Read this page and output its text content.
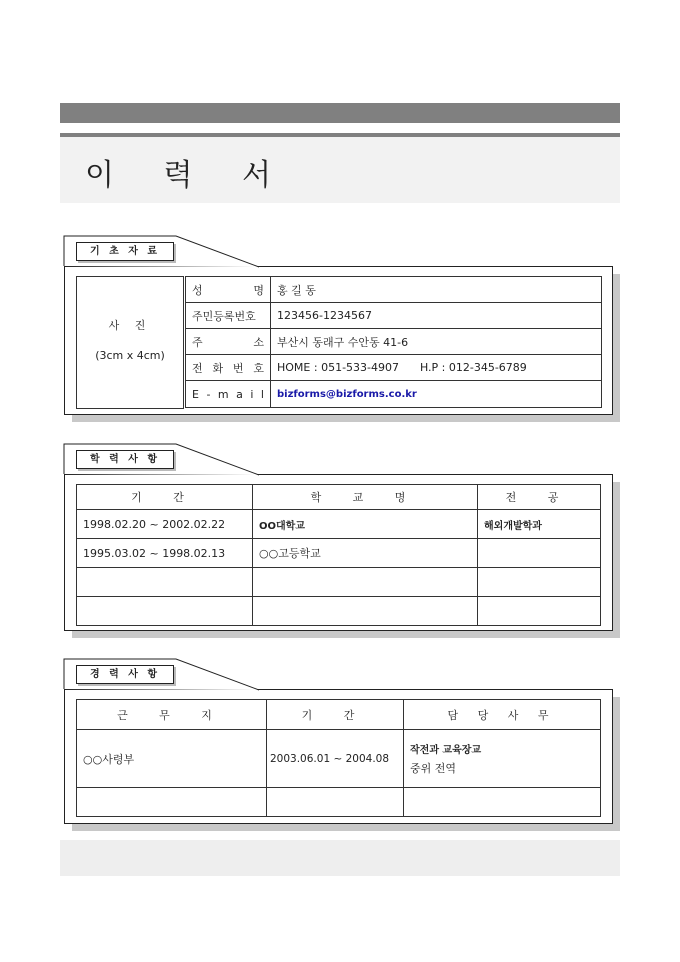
이 력 서
기 초 자 료
사 진
(3cm x 4cm)
성 명	홍 길 동
주민등록번호	123456-1234567
주 소	부산시 동래구 수안동 41-6
전 화 번 호	HOME : 051-533-4907      H.P : 012-345-6789
E - m a i l	bizforms@bizforms.co.kr
학 력 사 항
기 간	학 교 명	전 공
1998.02.20 ~ 2002.02.22	OO대학교	해외개발학과
1995.03.02 ~ 1998.02.13	○○고등학교	

경 력 사 항
근 무 지	기 간	담 당 사 무
○○사령부	2003.06.01 ~ 2004.08	작전과 교육장교
중위 전역
